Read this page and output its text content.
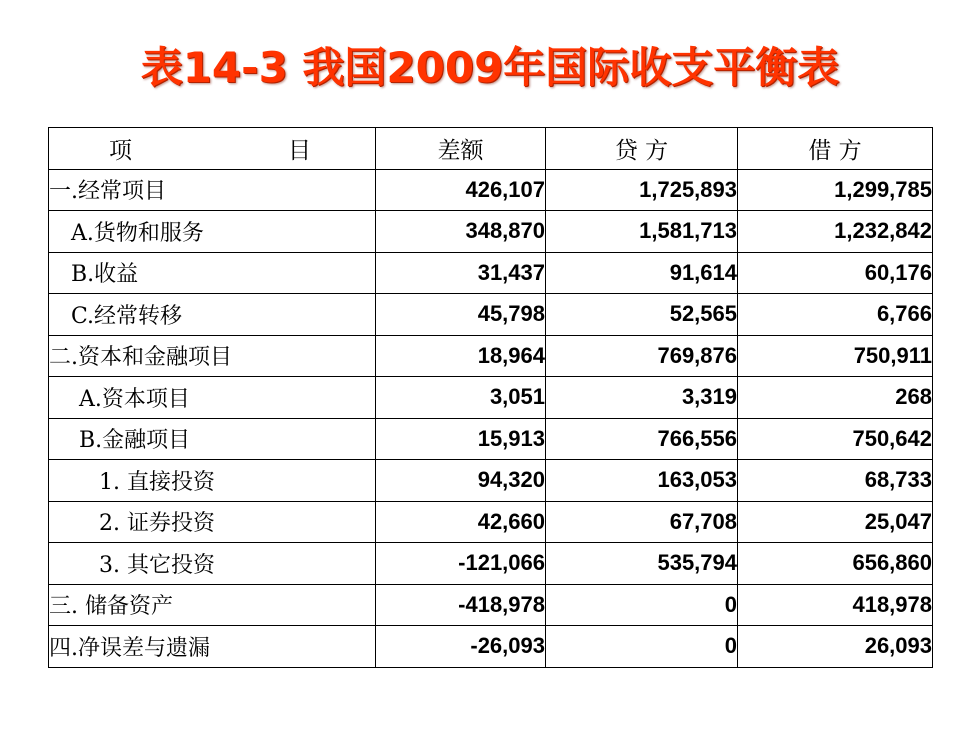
表14-3 我国2009年国际收支平衡表
项 目	差额	贷 方	借 方
一.经常项目	426,107	1,725,893	1,299,785
A.货物和服务	348,870	1,581,713	1,232,842
B.收益	31,437	91,614	60,176
C.经常转移	45,798	52,565	6,766
二.资本和金融项目	18,964	769,876	750,911
A.资本项目	3,051	3,319	268
B.金融项目	15,913	766,556	750,642
1. 直接投资	94,320	163,053	68,733
2. 证券投资	42,660	67,708	25,047
3. 其它投资	-121,066	535,794	656,860
三. 储备资产	-418,978	0	418,978
四.净误差与遗漏	-26,093	0	26,093
